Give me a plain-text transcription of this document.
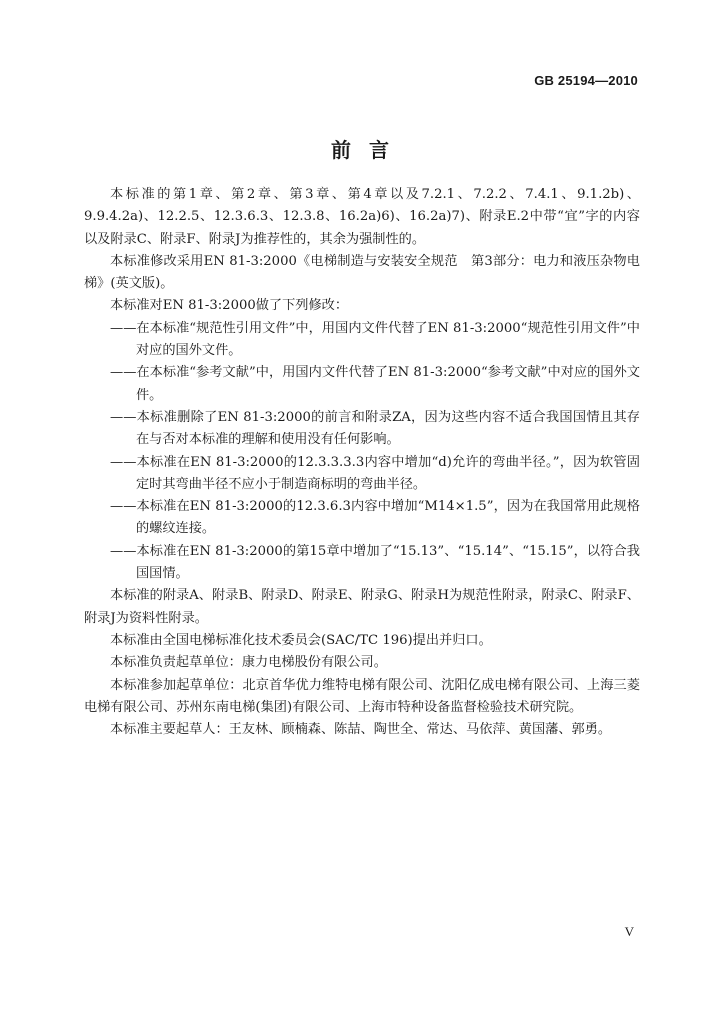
GB 25194—2010
前言

本标准的第1章、第2章、第3章、第4章以及7.2.1、7.2.2、7.4.1、9.1.2b)、9.9.4.2a)、12.2.5、12.3.6.3、12.3.8、16.2a)6)、16.2a)7)、附录E.2中带“宜”字的内容以及附录C、附录F、附录J为推荐性的，其余为强制性的。

本标准修改采用EN 81-3:2000《电梯制造与安装安全规范　第3部分：电力和液压杂物电梯》(英文版)。

本标准对EN 81-3:2000做了下列修改：

——在本标准“规范性引用文件”中，用国内文件代替了EN 81-3:2000“规范性引用文件”中对应的国外文件。

——在本标准“参考文献”中，用国内文件代替了EN 81-3:2000“参考文献”中对应的国外文件。

——本标准删除了EN 81-3:2000的前言和附录ZA，因为这些内容不适合我国国情且其存在与否对本标准的理解和使用没有任何影响。

——本标准在EN 81-3:2000的12.3.3.3.3内容中增加“d)允许的弯曲半径。”，因为软管固定时其弯曲半径不应小于制造商标明的弯曲半径。

——本标准在EN 81-3:2000的12.3.6.3内容中增加“M14×1.5”，因为在我国常用此规格的螺纹连接。

——本标准在EN 81-3:2000的第15章中增加了“15.13”、“15.14”、“15.15”，以符合我国国情。

本标准的附录A、附录B、附录D、附录E、附录G、附录H为规范性附录，附录C、附录F、附录J为资料性附录。

本标准由全国电梯标准化技术委员会(SAC/TC 196)提出并归口。

本标准负责起草单位：康力电梯股份有限公司。

本标准参加起草单位：北京首华优力维特电梯有限公司、沈阳亿成电梯有限公司、上海三菱电梯有限公司、苏州东南电梯(集团)有限公司、上海市特种设备监督检验技术研究院。

本标准主要起草人：王友林、顾楠森、陈喆、陶世全、常达、马依萍、黄国藩、郭勇。

V
